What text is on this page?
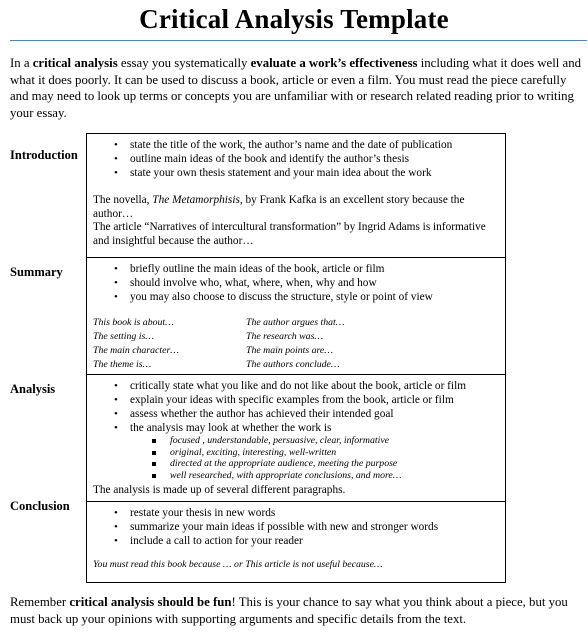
Critical Analysis Template
In a critical analysis essay you systematically evaluate a work’s effectiveness including what it does well and what it does poorly. It can be used to discuss a book, article or even a film. You must read the piece carefully and may need to look up terms or concepts you are unfamiliar with or research related reading prior to writing your essay.
Introduction
Summary
Analysis
Conclusion
• state the title of the work, the author’s name and the date of publication
• outline main ideas of the book and identify the author’s thesis
• state your own thesis statement and your main idea about the work
The novella, The Metamorphisis, by Frank Kafka is an excellent story because the author…
The article “Narratives of intercultural transformation” by Ingrid Adams is informative and insightful because the author…
• briefly outline the main ideas of the book, article or film
• should involve who, what, where, when, why and how
• you may also choose to discuss the structure, style or point of view
This book is about…
The setting is…
The main character…
The theme is…
The author argues that…
The research was…
The main points are…
The authors conclude…
• critically state what you like and do not like about the book, article or film
• explain your ideas with specific examples from the book, article or film
• assess whether the author has achieved their intended goal
• the analysis may look at whether the work is
focused , understandable, persuasive, clear, informative
original, exciting, interesting, well-written
directed at the appropriate audience, meeting the purpose
well researched, with appropriate conclusions, and more…
The analysis is made up of several different paragraphs.
• restate your thesis in new words
• summarize your main ideas if possible with new and stronger words
• include a call to action for your reader
You must read this book because … or This article is not useful because…
Remember critical analysis should be fun! This is your chance to say what you think about a piece, but you must back up your opinions with supporting arguments and specific details from the text.
